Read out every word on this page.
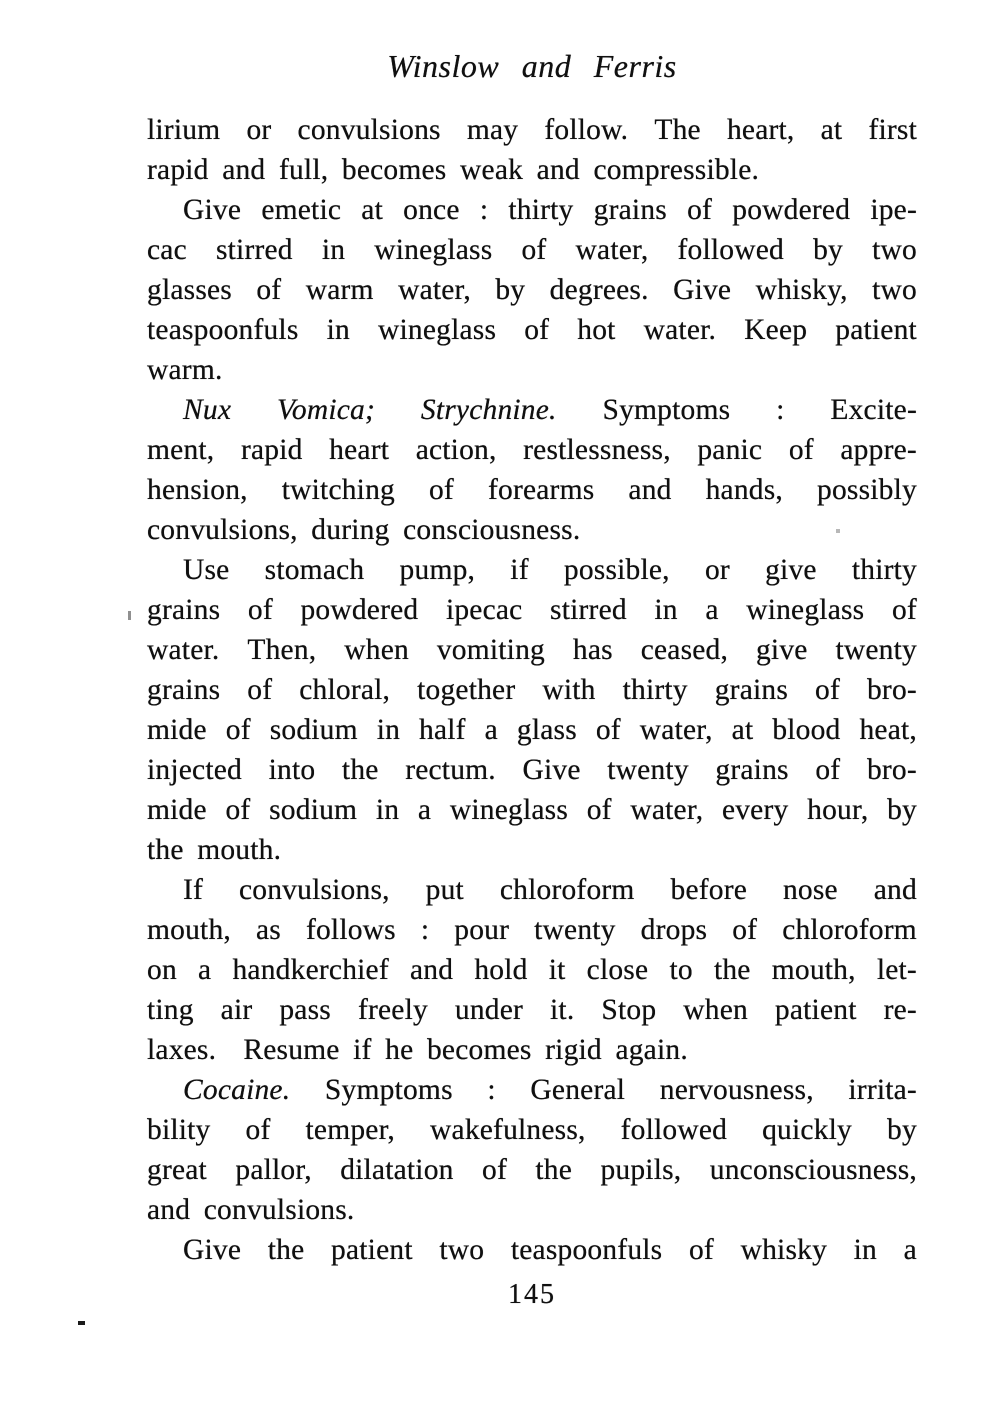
Winslow and Ferris
lirium or convulsions may follow. The heart, at first
rapid and full, becomes weak and compressible.
Give emetic at once : thirty grains of powdered ipe-
cac stirred in wineglass of water, followed by two
glasses of warm water, by degrees. Give whisky, two
teaspoonfuls in wineglass of hot water. Keep patient
warm.
Nux Vomica; Strychnine. Symptoms : Excite-
ment, rapid heart action, restlessness, panic of appre-
hension, twitching of forearms and hands, possibly
convulsions, during consciousness.
Use stomach pump, if possible, or give thirty
grains of powdered ipecac stirred in a wineglass of
water. Then, when vomiting has ceased, give twenty
grains of chloral, together with thirty grains of bro-
mide of sodium in half a glass of water, at blood heat,
injected into the rectum. Give twenty grains of bro-
mide of sodium in a wineglass of water, every hour, by
the mouth.
If convulsions, put chloroform before nose and
mouth, as follows : pour twenty drops of chloroform
on a handkerchief and hold it close to the mouth, let-
ting air pass freely under it. Stop when patient re-
laxes.  Resume if he becomes rigid again.
Cocaine. Symptoms : General nervousness, irrita-
bility of temper, wakefulness, followed quickly by
great pallor, dilatation of the pupils, unconsciousness,
and convulsions.
Give the patient two teaspoonfuls of whisky in a
145
